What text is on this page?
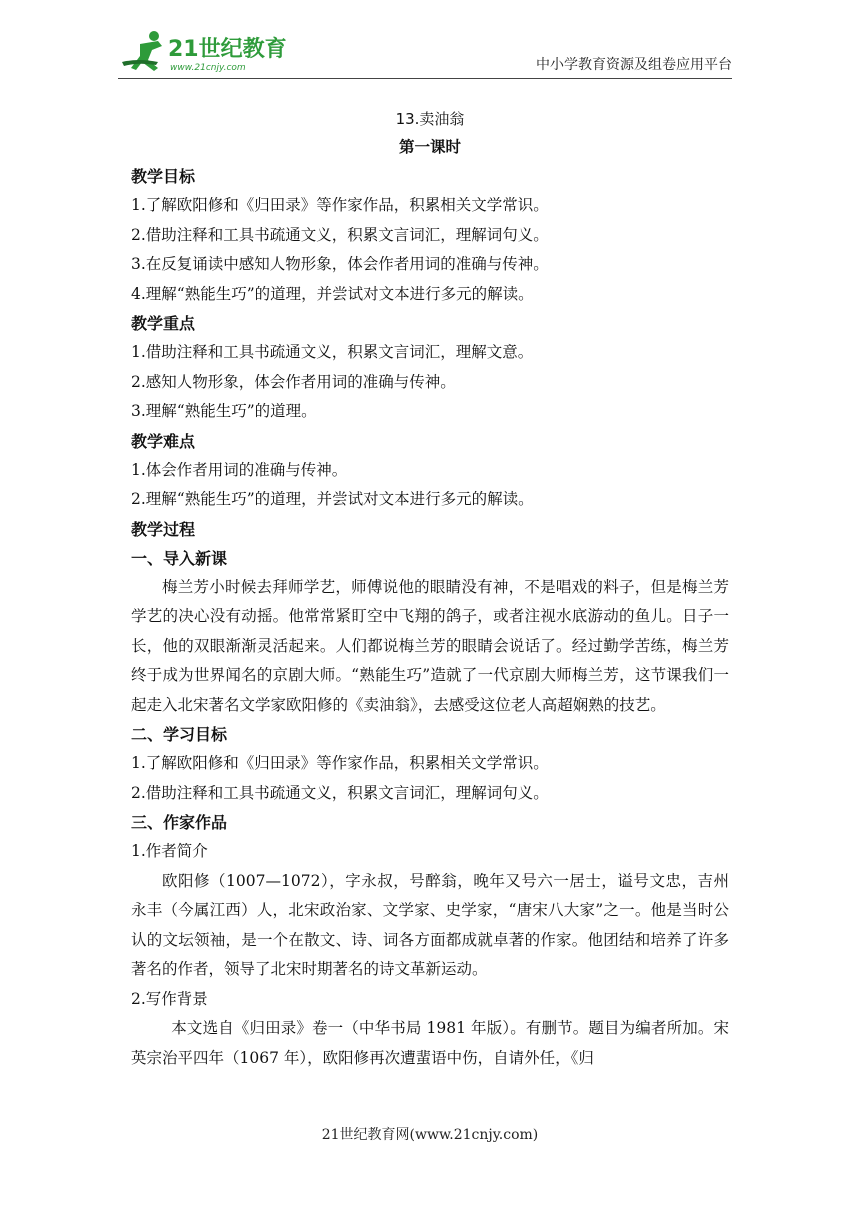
21世纪教育
www.21cnjy.com	中小学教育资源及组卷应用平台
13.卖油翁
第一课时
教学目标
1.了解欧阳修和《归田录》等作家作品，积累相关文学常识。
2.借助注释和工具书疏通文义，积累文言词汇，理解词句义。
3.在反复诵读中感知人物形象，体会作者用词的准确与传神。
4.理解“熟能生巧”的道理，并尝试对文本进行多元的解读。
教学重点
1.借助注释和工具书疏通文义，积累文言词汇，理解文意。
2.感知人物形象，体会作者用词的准确与传神。
3.理解“熟能生巧”的道理。
教学难点
1.体会作者用词的准确与传神。
2.理解“熟能生巧”的道理，并尝试对文本进行多元的解读。
教学过程
一、导入新课
梅兰芳小时候去拜师学艺，师傅说他的眼睛没有神，不是唱戏的料子，但是梅兰芳学艺的决心没有动摇。他常常紧盯空中飞翔的鸽子，或者注视水底游动的鱼儿。日子一长，他的双眼渐渐灵活起来。人们都说梅兰芳的眼睛会说话了。经过勤学苦练，梅兰芳终于成为世界闻名的京剧大师。“熟能生巧”造就了一代京剧大师梅兰芳，这节课我们一起走入北宋著名文学家欧阳修的《卖油翁》，去感受这位老人高超娴熟的技艺。
二、学习目标
1.了解欧阳修和《归田录》等作家作品，积累相关文学常识。
2.借助注释和工具书疏通文义，积累文言词汇，理解词句义。
三、作家作品
1.作者简介
欧阳修（1007—1072），字永叔，号醉翁，晚年又号六一居士，谥号文忠，吉州永丰（今属江西）人，北宋政治家、文学家、史学家，“唐宋八大家”之一。他是当时公认的文坛领袖，是一个在散文、诗、词各方面都成就卓著的作家。他团结和培养了许多著名的作者，领导了北宋时期著名的诗文革新运动。
2.写作背景
本文选自《归田录》卷一（中华书局 1981 年版）。有删节。题目为编者所加。宋英宗治平四年（1067 年），欧阳修再次遭蜚语中伤，自请外任，《归
21世纪教育网(www.21cnjy.com)
